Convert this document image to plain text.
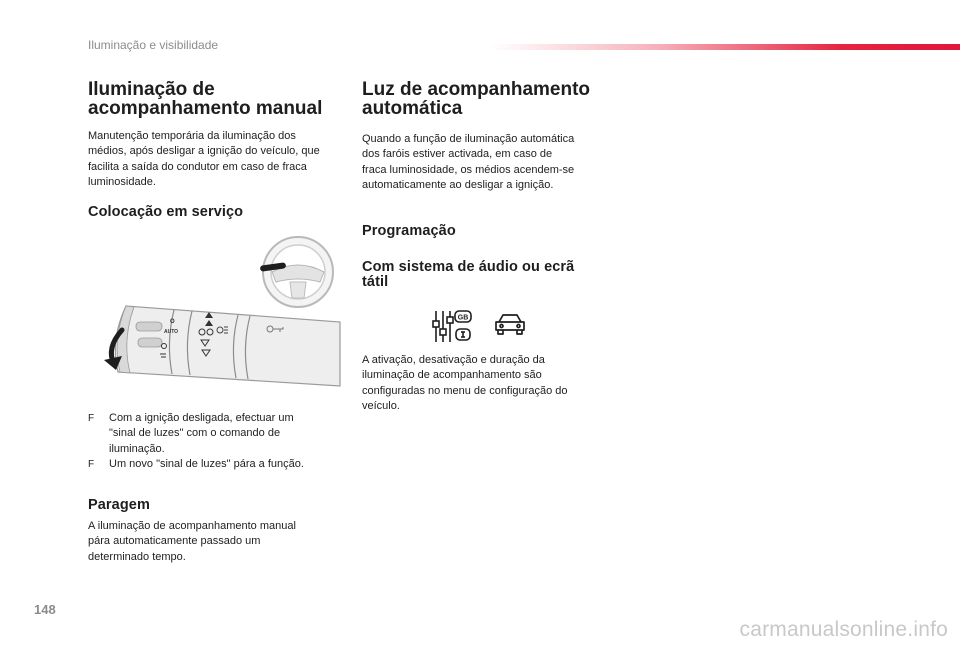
Iluminação e visibilidade
Iluminação de
acompanhamento manual

Manutenção temporária da iluminação dos
médios, após desligar a ignição do veículo, que
facilita a saída do condutor em caso de fraca
luminosidade.

Colocação em serviço
O
AUTO
F Com a ignição desligada, efectuar um
"sinal de luzes" com o comando de
iluminação.
F Um novo "sinal de luzes" pára a função.
Paragem

A iluminação de acompanhamento manual
pára automaticamente passado um
determinado tempo.

Luz de acompanhamento
automática

Quando a função de iluminação automática
dos faróis estiver activada, em caso de
fraca luminosidade, os médios acendem-se
automaticamente ao desligar a ignição.

Programação
Com sistema de áudio ou ecrã
tátil
GB

A ativação, desativação e duração da
iluminação de acompanhamento são
configuradas no menu de configuração do
veículo.

148
carmanualsonline.info
